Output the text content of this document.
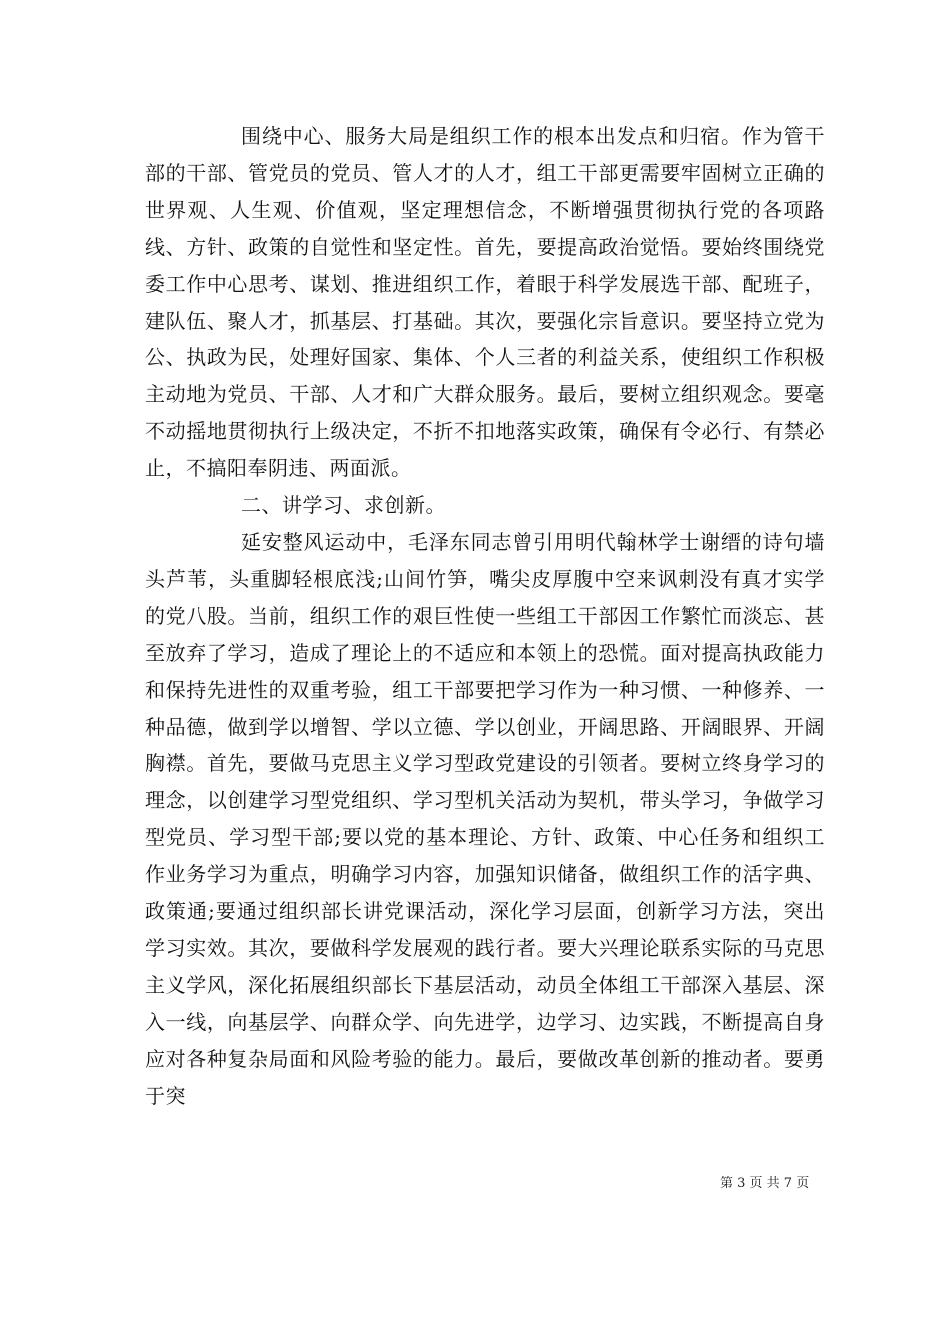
围绕中心、服务大局是组织工作的根本出发点和归宿。作为管干部的干部、管党员的党员、管人才的人才，组工干部更需要牢固树立正确的世界观、人生观、价值观，坚定理想信念，不断增强贯彻执行党的各项路线、方针、政策的自觉性和坚定性。首先，要提高政治觉悟。要始终围绕党委工作中心思考、谋划、推进组织工作，着眼于科学发展选干部、配班子，建队伍、聚人才，抓基层、打基础。其次，要强化宗旨意识。要坚持立党为公、执政为民，处理好国家、集体、个人三者的利益关系，使组织工作积极主动地为党员、干部、人才和广大群众服务。最后，要树立组织观念。要毫不动摇地贯彻执行上级决定，不折不扣地落实政策，确保有令必行、有禁必止，不搞阳奉阴违、两面派。

二、讲学习、求创新。

延安整风运动中，毛泽东同志曾引用明代翰林学士谢缙的诗句墙头芦苇，头重脚轻根底浅;山间竹笋，嘴尖皮厚腹中空来讽刺没有真才实学的党八股。当前，组织工作的艰巨性使一些组工干部因工作繁忙而淡忘、甚至放弃了学习，造成了理论上的不适应和本领上的恐慌。面对提高执政能力和保持先进性的双重考验，组工干部要把学习作为一种习惯、一种修养、一种品德，做到学以增智、学以立德、学以创业，开阔思路、开阔眼界、开阔胸襟。首先，要做马克思主义学习型政党建设的引领者。要树立终身学习的理念，以创建学习型党组织、学习型机关活动为契机，带头学习，争做学习型党员、学习型干部;要以党的基本理论、方针、政策、中心任务和组织工作业务学习为重点，明确学习内容，加强知识储备，做组织工作的活字典、政策通;要通过组织部长讲党课活动，深化学习层面，创新学习方法，突出学习实效。其次，要做科学发展观的践行者。要大兴理论联系实际的马克思主义学风，深化拓展组织部长下基层活动，动员全体组工干部深入基层、深入一线，向基层学、向群众学、向先进学，边学习、边实践，不断提高自身应对各种复杂局面和风险考验的能力。最后，要做改革创新的推动者。要勇于突

第 3 页 共 7 页
